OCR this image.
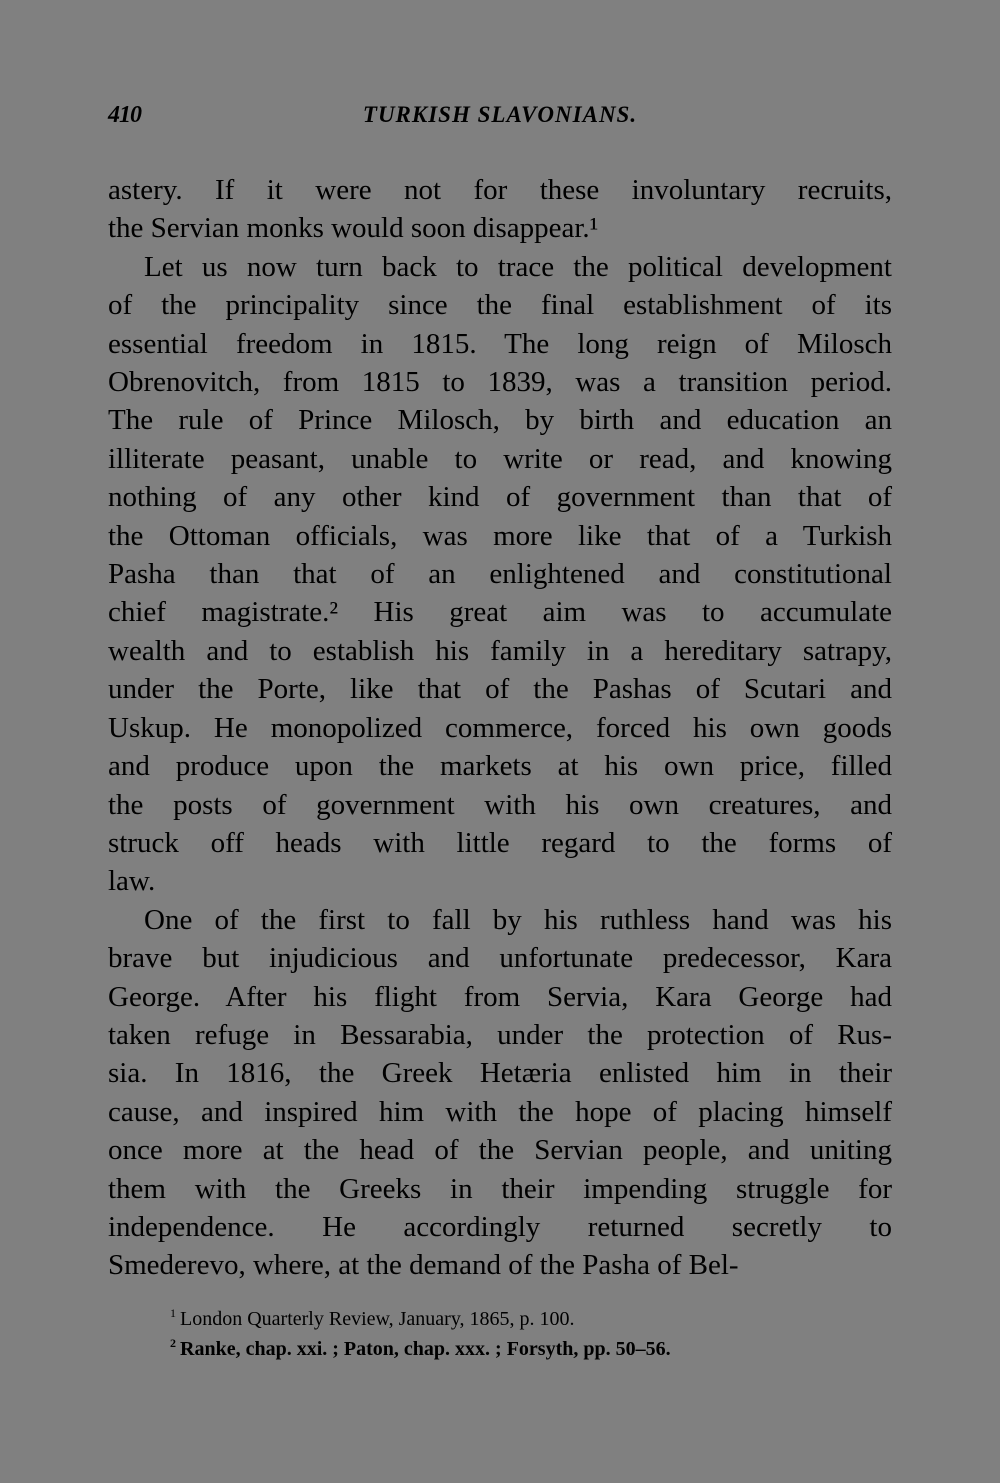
410	TURKISH SLAVONIANS.

astery. If it were not for these involuntary recruits,
the Servian monks would soon disappear.¹

Let us now turn back to trace the political development
of the principality since the final establishment of its
essential freedom in 1815. The long reign of Milosch
Obrenovitch, from 1815 to 1839, was a transition period.
The rule of Prince Milosch, by birth and education an
illiterate peasant, unable to write or read, and knowing
nothing of any other kind of government than that of
the Ottoman officials, was more like that of a Turkish
Pasha than that of an enlightened and constitutional
chief magistrate.² His great aim was to accumulate
wealth and to establish his family in a hereditary satrapy,
under the Porte, like that of the Pashas of Scutari and
Uskup. He monopolized commerce, forced his own goods
and produce upon the markets at his own price, filled
the posts of government with his own creatures, and
struck off heads with little regard to the forms of
law.

One of the first to fall by his ruthless hand was his
brave but injudicious and unfortunate predecessor, Kara
George. After his flight from Servia, Kara George had
taken refuge in Bessarabia, under the protection of Rus-
sia. In 1816, the Greek Hetæria enlisted him in their
cause, and inspired him with the hope of placing himself
once more at the head of the Servian people, and uniting
them with the Greeks in their impending struggle for
independence. He accordingly returned secretly to
Smederevo, where, at the demand of the Pasha of Bel-

$^1$ London Quarterly Review, January, 1865, p. 100.

$^2$ Ranke, chap. xxi. ; Paton, chap. xxx. ; Forsyth, pp. 50–56.
